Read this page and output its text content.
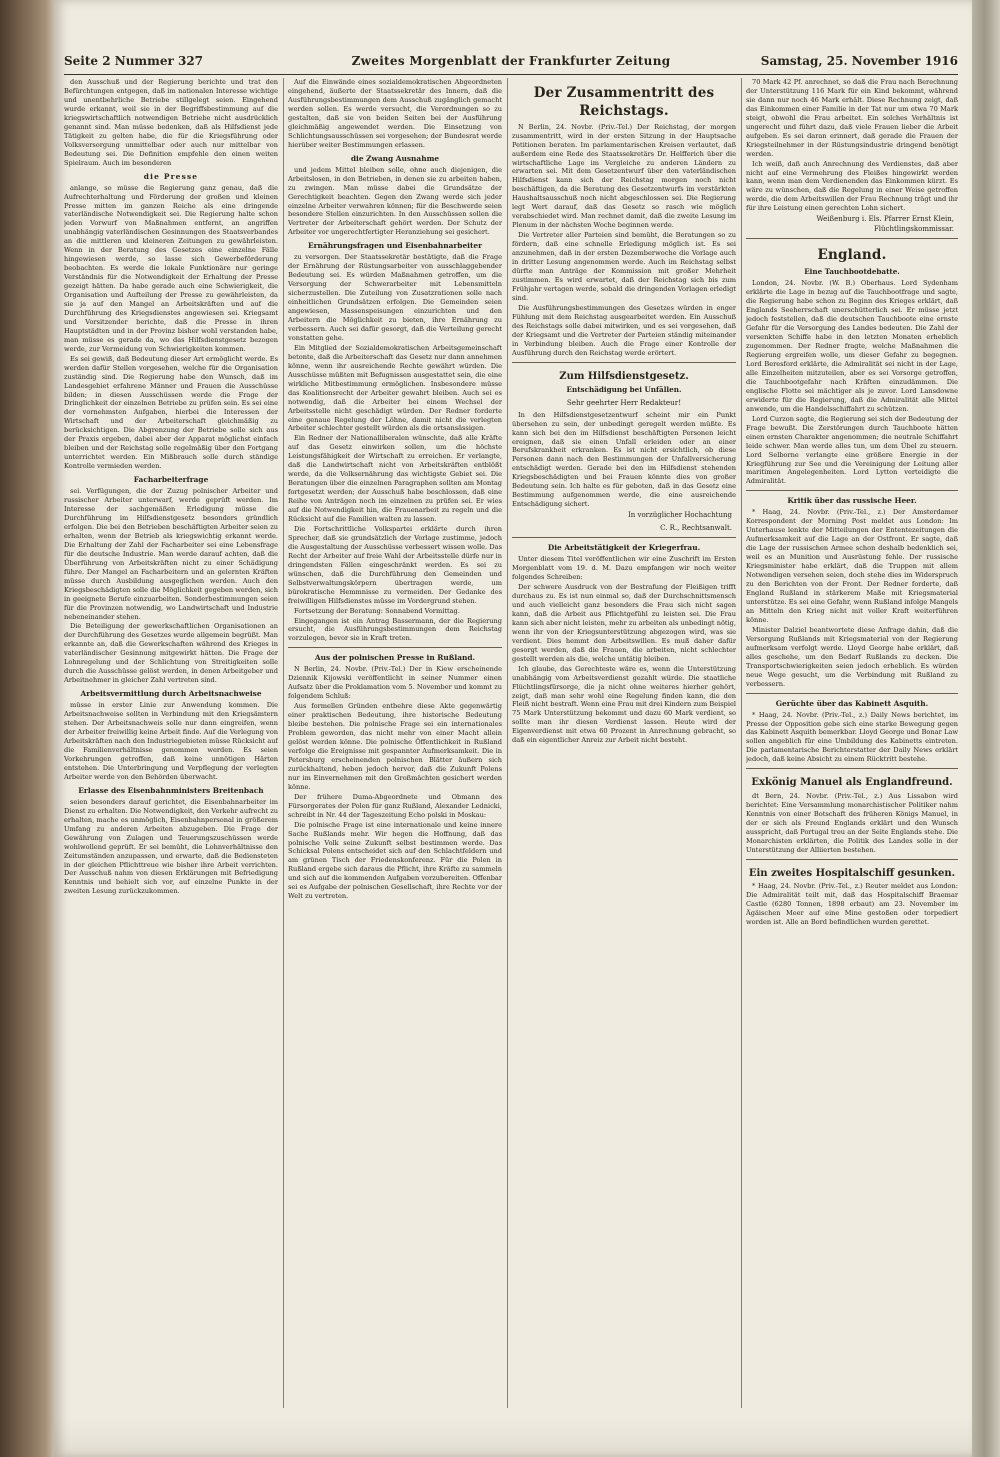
Seite 2 Nummer 327	Zweites Morgenblatt der Frankfurter Zeitung	Samstag, 25. November 1916

den Ausschuß und der Regierung berichte und trat den Befürchtungen entgegen, daß im nationalen Interesse wichtige und unentbehrliche Betriebe stillgelegt seien. Eingehend wurde erkannt, weil sie in der Begriffsbestimmung auf die kriegswirtschaftlich notwendigen Betriebe nicht ausdrücklich genannt sind. Man müsse bedenken, daß als Hilfsdienst jede Tätigkeit zu gelten habe, die für die Kriegsführung oder Volksversorgung unmittelbar oder auch nur mittelbar von Bedeutung sei. Die Definition empfehle den einen weiten Spielraum. Auch im besonderen

die Presse

anlange, so müsse die Regierung ganz genau, daß die Aufrechterhaltung und Förderung der großen und kleinen Presse mitten im ganzen Reiche als eine dringende vaterländische Notwendigkeit sei. Die Regierung halte schon jeden Vorwurf von Maßnahmen entfernt, an angriffen unabhängig vaterländischen Gesinnungen des Staatsverbandes an die mittleren und kleineren Zeitungen zu gewährleisten. Wenn in der Beratung des Gesetzes eine einzelne Fälle hingewiesen werde, so lasse sich Gewerbeförderung beobachten. Es werde die lokale Funktionäre nur geringe Verständnis für die Notwendigkeit der Erhaltung der Presse gezeigt hätten. Da habe gerade auch eine Schwierigkeit, die Organisation und Aufteilung der Presse zu gewährleisten, da sie ja auf den Mangel an Arbeitskräften und auf die Durchführung des Kriegsdienstes angewiesen sei. Kriegsamt und Vorsitzender berichte, daß die Presse in ihren Hauptstädten und in der Provinz bisher wohl verstanden habe, man müsse es gerade da, wo das Hilfsdienstgesetz bezogen werde, zur Vermeidung von Schwierigkeiten kommen.

Es sei gewiß, daß Bedeutung dieser Art ermöglicht werde. Es werden dafür Stellen vorgesehen, welche für die Organisation zuständig sind. Die Regierung habe den Wunsch, daß im Landesgebiet erfahrene Männer und Frauen die Ausschüsse bilden; in diesen Ausschüssen werde die Frage der Dringlichkeit der einzelnen Betriebe zu prüfen sein. Es sei eine der vornehmsten Aufgaben, hierbei die Interessen der Wirtschaft und der Arbeiterschaft gleichmäßig zu berücksichtigen. Die Abgrenzung der Betriebe solle sich aus der Praxis ergeben, dabei aber der Apparat möglichst einfach bleiben und der Reichstag solle regelmäßig über den Fortgang unterrichtet werden. Ein Mißbrauch solle durch ständige Kontrolle vermieden werden.

Facharbeiterfrage

sei. Verfügungen, die der Zuzug polnischer Arbeiter und russischer Arbeiter unterwarf, werde geprüft werden. Im Interesse der sachgemäßen Erledigung müsse die Durchführung im Hilfsdienstgesetz besonders gründlich erfolgen. Die bei den Betrieben beschäftigten Arbeiter seien zu erhalten, wenn der Betrieb als kriegswichtig erkannt werde. Die Erhaltung der Zahl der Facharbeiter sei eine Lebensfrage für die deutsche Industrie. Man werde darauf achten, daß die Überführung von Arbeitskräften nicht zu einer Schädigung führe. Der Mangel an Facharbeitern und an gelernten Kräften müsse durch Ausbildung ausgeglichen werden. Auch den Kriegsbeschädigten solle die Möglichkeit gegeben werden, sich in geeignete Berufe einzuarbeiten. Sonderbestimmungen seien für die Provinzen notwendig, wo Landwirtschaft und Industrie nebeneinander stehen.

Die Beteiligung der gewerkschaftlichen Organisationen an der Durchführung des Gesetzes wurde allgemein begrüßt. Man erkannte an, daß die Gewerkschaften während des Krieges in vaterländischer Gesinnung mitgewirkt hätten. Die Frage der Lohnregelung und der Schlichtung von Streitigkeiten solle durch die Ausschüsse gelöst werden, in denen Arbeitgeber und Arbeitnehmer in gleicher Zahl vertreten sind.

Arbeitsvermittlung durch Arbeitsnachweise

müsse in erster Linie zur Anwendung kommen. Die Arbeitsnachweise sollten in Verbindung mit den Kriegsämtern stehen. Der Arbeitsnachweis solle nur dann eingreifen, wenn der Arbeiter freiwillig keine Arbeit finde. Auf die Verlegung von Arbeitskräften nach den Industriegebieten müsse Rücksicht auf die Familienverhältnisse genommen werden. Es seien Vorkehrungen getroffen, daß keine unnötigen Härten entstehen. Die Unterbringung und Verpflegung der verlegten Arbeiter werde von den Behörden überwacht.

Erlasse des Eisenbahnministers Breitenbach

seien besonders darauf gerichtet, die Eisenbahnarbeiter im Dienst zu erhalten. Die Notwendigkeit, den Verkehr aufrecht zu erhalten, mache es unmöglich, Eisenbahnpersonal in größerem Umfang zu anderen Arbeiten abzugeben. Die Frage der Gewährung von Zulagen und Teuerungszuschüssen werde wohlwollend geprüft. Er sei bemüht, die Lohnverhältnisse den Zeitumständen anzupassen, und erwarte, daß die Bediensteten in der gleichen Pflichttreue wie bisher ihre Arbeit verrichten. Der Ausschuß nahm von diesen Erklärungen mit Befriedigung Kenntnis und behielt sich vor, auf einzelne Punkte in der zweiten Lesung zurückzukommen.

Auf die Einwände eines sozialdemokratischen Abgeordneten eingehend, äußerte der Staatssekretär des Innern, daß die Ausführungsbestimmungen dem Ausschuß zugänglich gemacht werden sollen. Es werde versucht, die Verordnungen so zu gestalten, daß sie von beiden Seiten bei der Ausführung gleichmäßig angewendet werden. Die Einsetzung von Schlichtungsausschüssen sei vorgesehen; der Bundesrat werde hierüber weiter Bestimmungen erlassen.

die Zwang Ausnahme

und jedem Mittel bleiben solle, ohne auch diejenigen, die Arbeitslosen, in den Betrieben, in denen sie zu arbeiten haben, zu zwingen. Man müsse dabei die Grundsätze der Gerechtigkeit beachten. Gegen den Zwang werde sich jeder einzelne Arbeiter verwahren können; für die Beschwerde seien besondere Stellen einzurichten. In den Ausschüssen sollen die Vertreter der Arbeiterschaft gehört werden. Der Schutz der Arbeiter vor ungerechtfertigter Heranziehung sei gesichert.

Ernährungsfragen und Eisenbahnarbeiter

zu versorgen. Der Staatssekretär bestätigte, daß die Frage der Ernährung der Rüstungsarbeiter von ausschlaggebender Bedeutung sei. Es würden Maßnahmen getroffen, um die Versorgung der Schwerarbeiter mit Lebensmitteln sicherzustellen. Die Zuteilung von Zusatzrationen solle nach einheitlichen Grundsätzen erfolgen. Die Gemeinden seien angewiesen, Massenspeisungen einzurichten und den Arbeitern die Möglichkeit zu bieten, ihre Ernährung zu verbessern. Auch sei dafür gesorgt, daß die Verteilung gerecht vonstatten gehe.

Ein Mitglied der Sozialdemokratischen Arbeitsgemeinschaft betonte, daß die Arbeiterschaft das Gesetz nur dann annehmen könne, wenn ihr ausreichende Rechte gewährt würden. Die Ausschüsse müßten mit Befugnissen ausgestattet sein, die eine wirkliche Mitbestimmung ermöglichen. Insbesondere müsse das Koalitionsrecht der Arbeiter gewahrt bleiben. Auch sei es notwendig, daß die Arbeiter bei einem Wechsel der Arbeitsstelle nicht geschädigt würden. Der Redner forderte eine genaue Regelung der Löhne, damit nicht die verlegten Arbeiter schlechter gestellt würden als die ortsansässigen.

Ein Redner der Nationalliberalen wünschte, daß alle Kräfte auf das Gesetz einwirken sollen, um die höchste Leistungsfähigkeit der Wirtschaft zu erreichen. Er verlangte, daß die Landwirtschaft nicht von Arbeitskräften entblößt werde, da die Volksernährung das wichtigste Gebiet sei. Die Beratungen über die einzelnen Paragraphen sollten am Montag fortgesetzt werden; der Ausschuß habe beschlossen, daß eine Reihe von Anträgen noch im einzelnen zu prüfen sei. Er wies auf die Notwendigkeit hin, die Frauenarbeit zu regeln und die Rücksicht auf die Familien walten zu lassen.

Die Fortschrittliche Volkspartei erklärte durch ihren Sprecher, daß sie grundsätzlich der Vorlage zustimme, jedoch die Ausgestaltung der Ausschüsse verbessert wissen wolle. Das Recht der Arbeiter auf freie Wahl der Arbeitsstelle dürfe nur in dringendsten Fällen eingeschränkt werden. Es sei zu wünschen, daß die Durchführung den Gemeinden und Selbstverwaltungskörpern übertragen werde, um bürokratische Hemmnisse zu vermeiden. Der Gedanke des freiwilligen Hilfsdienstes müsse im Vordergrund stehen.

Fortsetzung der Beratung: Sonnabend Vormittag.

Eingegangen ist ein Antrag Bassermann, der die Regierung ersucht, die Ausführungsbestimmungen dem Reichstag vorzulegen, bevor sie in Kraft treten.

Aus der polnischen Presse in Rußland.

N Berlin, 24. Novbr. (Priv.-Tel.) Der in Kiew erscheinende Dziennik Kijowski veröffentlicht in seiner Nummer einen Aufsatz über die Proklamation vom 5. November und kommt zu folgendem Schluß:

Aus formellen Gründen entbehre diese Akte gegenwärtig einer praktischen Bedeutung, ihre historische Bedeutung bleibe bestehen. Die polnische Frage sei ein internationales Problem geworden, das nicht mehr von einer Macht allein gelöst werden könne. Die polnische Öffentlichkeit in Rußland verfolge die Ereignisse mit gespannter Aufmerksamkeit. Die in Petersburg erscheinenden polnischen Blätter äußern sich zurückhaltend, heben jedoch hervor, daß die Zukunft Polens nur im Einvernehmen mit den Großmächten gesichert werden könne.

Der frühere Duma-Abgeordnete und Obmann des Fürsorgerates der Polen für ganz Rußland, Alexander Lednicki, schreibt in Nr. 44 der Tageszeitung Echo polski in Moskau:

Die polnische Frage ist eine internationale und keine innere Sache Rußlands mehr. Wir hegen die Hoffnung, daß das polnische Volk seine Zukunft selbst bestimmen werde. Das Schicksal Polens entscheidet sich auf den Schlachtfeldern und am grünen Tisch der Friedenskonferenz. Für die Polen in Rußland ergebe sich daraus die Pflicht, ihre Kräfte zu sammeln und sich auf die kommenden Aufgaben vorzubereiten. Offenbar sei es Aufgabe der polnischen Gesellschaft, ihre Rechte vor der Welt zu vertreten.

Der Zusammentritt des Reichstags.

N Berlin, 24. Novbr. (Priv.-Tel.) Der Reichstag, der morgen zusammentritt, wird in der ersten Sitzung in der Hauptsache Petitionen beraten. Im parlamentarischen Kreisen verlautet, daß außerdem eine Rede des Staatssekretärs Dr. Helfferich über die wirtschaftliche Lage im Vergleiche zu anderen Ländern zu erwarten sei. Mit dem Gesetzentwurf über den vaterländischen Hilfsdienst kann sich der Reichstag morgen noch nicht beschäftigen, da die Beratung des Gesetzentwurfs im verstärkten Haushaltsausschuß noch nicht abgeschlossen sei. Die Regierung legt Wert darauf, daß das Gesetz so rasch wie möglich verabschiedet wird. Man rechnet damit, daß die zweite Lesung im Plenum in der nächsten Woche beginnen werde.

Die Vertreter aller Parteien sind bemüht, die Beratungen so zu fördern, daß eine schnelle Erledigung möglich ist. Es sei anzunehmen, daß in der ersten Dezemberwoche die Vorlage auch in dritter Lesung angenommen werde. Auch im Reichstag selbst dürfte man Anträge der Kommission mit großer Mehrheit zustimmen. Es wird erwartet, daß der Reichstag sich bis zum Frühjahr vertagen werde, sobald die dringenden Vorlagen erledigt sind.

Die Ausführungsbestimmungen des Gesetzes würden in enger Fühlung mit dem Reichstag ausgearbeitet werden. Ein Ausschuß des Reichstags solle dabei mitwirken, und es sei vorgesehen, daß der Kriegsamt und die Vertreter der Parteien ständig miteinander in Verbindung bleiben. Auch die Frage einer Kontrolle der Ausführung durch den Reichstag werde erörtert.

Zum Hilfsdienstgesetz.
Entschädigung bei Unfällen.
Sehr geehrter Herr Redakteur!

In den Hilfsdienstgesetzentwurf scheint mir ein Punkt übersehen zu sein, der unbedingt geregelt werden müßte. Es kann sich bei den im Hilfsdienst beschäftigten Personen leicht ereignen, daß sie einen Unfall erleiden oder an einer Berufskrankheit erkranken. Es ist nicht ersichtlich, ob diese Personen dann nach den Bestimmungen der Unfallversicherung entschädigt werden. Gerade bei den im Hilfsdienst stehenden Kriegsbeschädigten und bei Frauen könnte dies von großer Bedeutung sein. Ich halte es für geboten, daß in das Gesetz eine Bestimmung aufgenommen werde, die eine ausreichende Entschädigung sichert.

In vorzüglicher Hochachtung
C. R., Rechtsanwalt.
Die Arbeitstätigkeit der Kriegerfrau.

Unter diesem Titel veröffentlichen wir eine Zuschrift im Ersten Morgenblatt vom 19. d. M. Dazu empfangen wir noch weiter folgendes Schreiben:

Der schwere Ausdruck von der Bestrafung der Fleißigen trifft durchaus zu. Es ist nun einmal so, daß der Durchschnittsmensch und auch vielleicht ganz besonders die Frau sich nicht sagen kann, daß die Arbeit aus Pflichtgefühl zu leisten sei. Die Frau kann sich aber nicht leisten, mehr zu arbeiten als unbedingt nötig, wenn ihr von der Kriegsunterstützung abgezogen wird, was sie verdient. Dies hemmt den Arbeitswillen. Es muß daher dafür gesorgt werden, daß die Frauen, die arbeiten, nicht schlechter gestellt werden als die, welche untätig bleiben.

Ich glaube, das Gerechteste wäre es, wenn die Unterstützung unabhängig vom Arbeitsverdienst gezahlt würde. Die staatliche Flüchtlingsfürsorge, die ja nicht ohne weiteres hierher gehört, zeigt, daß man sehr wohl eine Regelung finden kann, die den Fleiß nicht bestraft. Wenn eine Frau mit drei Kindern zum Beispiel 75 Mark Unterstützung bekommt und dazu 60 Mark verdient, so sollte man ihr diesen Verdienst lassen. Heute wird der Eigenverdienst mit etwa 60 Prozent in Anrechnung gebracht, so daß ein eigentlicher Anreiz zur Arbeit nicht besteht.

70 Mark 42 Pf. anrechnet, so daß die Frau nach Berechnung der Unterstützung 116 Mark für ein Kind bekommt, während sie dann nur noch 46 Mark erhält. Diese Rechnung zeigt, daß das Einkommen einer Familie in der Tat nur um etwa 70 Mark steigt, obwohl die Frau arbeitet. Ein solches Verhältnis ist ungerecht und führt dazu, daß viele Frauen lieber die Arbeit aufgeben. Es sei daran erinnert, daß gerade die Frauen der Kriegsteilnehmer in der Rüstungsindustrie dringend benötigt werden.

Ich weiß, daß auch Anrechnung des Verdienstes, daß aber nicht auf eine Vermehrung des Fleißes hingewirkt werden kann, wenn man dem Verdienenden das Einkommen kürzt. Es wäre zu wünschen, daß die Regelung in einer Weise getroffen werde, die dem Arbeitswillen der Frau Rechnung trägt und ihr für ihre Leistung einen gerechten Lohn sichert.

Weißenburg i. Els. Pfarrer Ernst Klein, Flüchtlingskommissar.
England.
Eine Tauchbootdebatte.

London, 24. Novbr. (W. B.) Oberhaus. Lord Sydenham erklärte die Lage in bezug auf die Tauchbootfrage und sagte, die Regierung habe schon zu Beginn des Krieges erklärt, daß Englands Seeherrschaft unerschütterlich sei. Er müsse jetzt jedoch feststellen, daß die deutschen Tauchboote eine ernste Gefahr für die Versorgung des Landes bedeuten. Die Zahl der versenkten Schiffe habe in den letzten Monaten erheblich zugenommen. Der Redner fragte, welche Maßnahmen die Regierung ergreifen wolle, um dieser Gefahr zu begegnen. Lord Beresford erklärte, die Admiralität sei nicht in der Lage, alle Einzelheiten mitzuteilen, aber es sei Vorsorge getroffen, die Tauchbootgefahr nach Kräften einzudämmen. Die englische Flotte sei mächtiger als je zuvor. Lord Lansdowne erwiderte für die Regierung, daß die Admiralität alle Mittel anwende, um die Handelsschiffahrt zu schützen.

Lord Curzon sagte, die Regierung sei sich der Bedeutung der Frage bewußt. Die Zerstörungen durch Tauchboote hätten einen ernsten Charakter angenommen; die neutrale Schiffahrt leide schwer. Man werde alles tun, um dem Übel zu steuern. Lord Selborne verlangte eine größere Energie in der Kriegführung zur See und die Vereinigung der Leitung aller maritimen Angelegenheiten. Lord Lytton verteidigte die Admiralität.

Kritik über das russische Heer.

* Haag, 24. Novbr. (Priv.-Tel., z.) Der Amsterdamer Korrespondent der Morning Post meldet aus London: Im Unterhause lenkte der Mitteilungen der Ententezeitungen die Aufmerksamkeit auf die Lage an der Ostfront. Er sagte, daß die Lage der russischen Armee schon deshalb bedenklich sei, weil es an Munition und Ausrüstung fehle. Der russische Kriegsminister habe erklärt, daß die Truppen mit allem Notwendigen versehen seien, doch stehe dies im Widerspruch zu den Berichten von der Front. Der Redner forderte, daß England Rußland in stärkerem Maße mit Kriegsmaterial unterstütze. Es sei eine Gefahr, wenn Rußland infolge Mangels an Mitteln den Krieg nicht mit voller Kraft weiterführen könne.

Minister Dalziel beantwortete diese Anfrage dahin, daß die Versorgung Rußlands mit Kriegsmaterial von der Regierung aufmerksam verfolgt werde. Lloyd George habe erklärt, daß alles geschehe, um den Bedarf Rußlands zu decken. Die Transportschwierigkeiten seien jedoch erheblich. Es würden neue Wege gesucht, um die Verbindung mit Rußland zu verbessern.

Gerüchte über das Kabinett Asquith.

* Haag, 24. Novbr. (Priv.-Tel., z.) Daily News berichtet, im Presse der Opposition gebe sich eine starke Bewegung gegen das Kabinett Asquith bemerkbar. Lloyd George und Bonar Law sollen angeblich für eine Umbildung des Kabinetts eintreten. Die parlamentarische Berichterstatter der Daily News erklärt jedoch, daß keine Absicht zu einem Rücktritt bestehe.

Exkönig Manuel als Englandfreund.

dt Bern, 24. Novbr. (Priv.-Tel., z.) Aus Lissabon wird berichtet: Eine Versammlung monarchistischer Politiker nahm Kenntnis von einer Botschaft des früheren Königs Manuel, in der er sich als Freund Englands erklärt und den Wunsch ausspricht, daß Portugal treu an der Seite Englands stehe. Die Monarchisten erklärten, die Politik des Landes solle in der Unterstützung der Alliierten bestehen.

Ein zweites Hospitalschiff gesunken.

* Haag, 24. Novbr. (Priv.-Tel., z.) Reuter meldet aus London: Die Admiralität teilt mit, daß das Hospitalschiff Braemar Castle (6280 Tonnen, 1898 erbaut) am 23. November im Ägäischen Meer auf eine Mine gestoßen oder torpediert worden ist. Alle an Bord befindlichen wurden gerettet.
